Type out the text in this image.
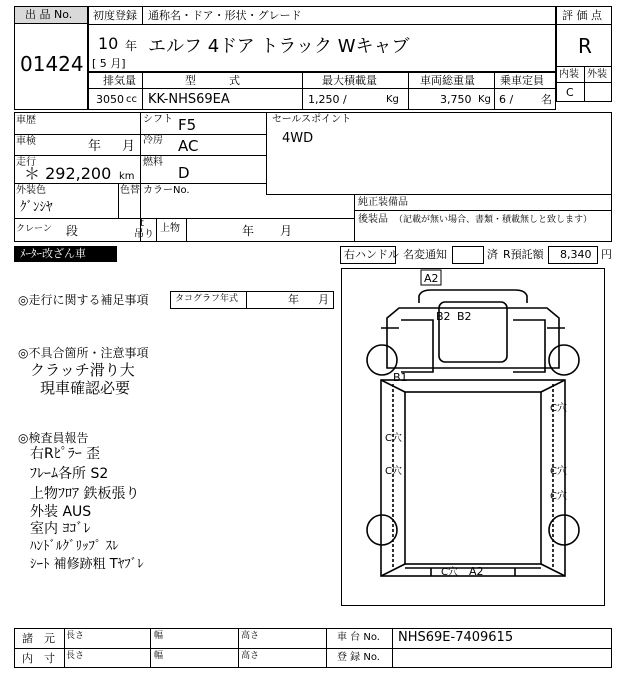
出 品 No.
01424
初度登録 通称名・ドア・形状・グレード
10 年
[ 5 月]
エルフ 4ドア トラック Wキャブ
評 価 点
R
内装 外装
C
排気量	型　　　式	最大積載量	車両総重量 乗車定員
3050 cc KK-NHS69EA	1,250 /	Kg	3,750 Kg 6 /	名
車歴	シフト F5
車検	年 月 冷房 AC
走行
＊ 292,200 km
燃料
D
外装色
ｸﾞﾝｼﾔ
色替 カラーNo.
クレーン 段
t
吊り
上物	年 月
セールスポイント
4WD
純正装備品
後装品 （記載が無い場合、書類・積載無しと致します）
ﾒｰﾀｰ改ざん車	右ハンドル 名変通知	済 R預託額 8,340 円
◎走行に関する補足事項	タコグラフ年式	年 月
◎不具合箇所・注意事項
クラッチ滑り大
現車確認必要
◎検査員報告
右Rﾋﾟﾗｰ 歪
ﾌﾚｰﾑ各所 S2
上物ﾌﾛｱ 鉄板張り
外装 AUS
室内 ﾖｺﾞﾚ
ﾊﾝﾄﾞﾙｸﾞﾘｯﾌﾟ ｽﾚ
ｼｰﾄ 補修跡粗 Tﾔﾌﾞﾚ
A2
B2 B2
B1
C穴
C穴
C穴	C穴
C穴
C穴 A2
諸　元
内　寸
長さ	幅	高さ
長さ	幅	高さ
車 台 No. NHS69E-7409615
登 録 No.
